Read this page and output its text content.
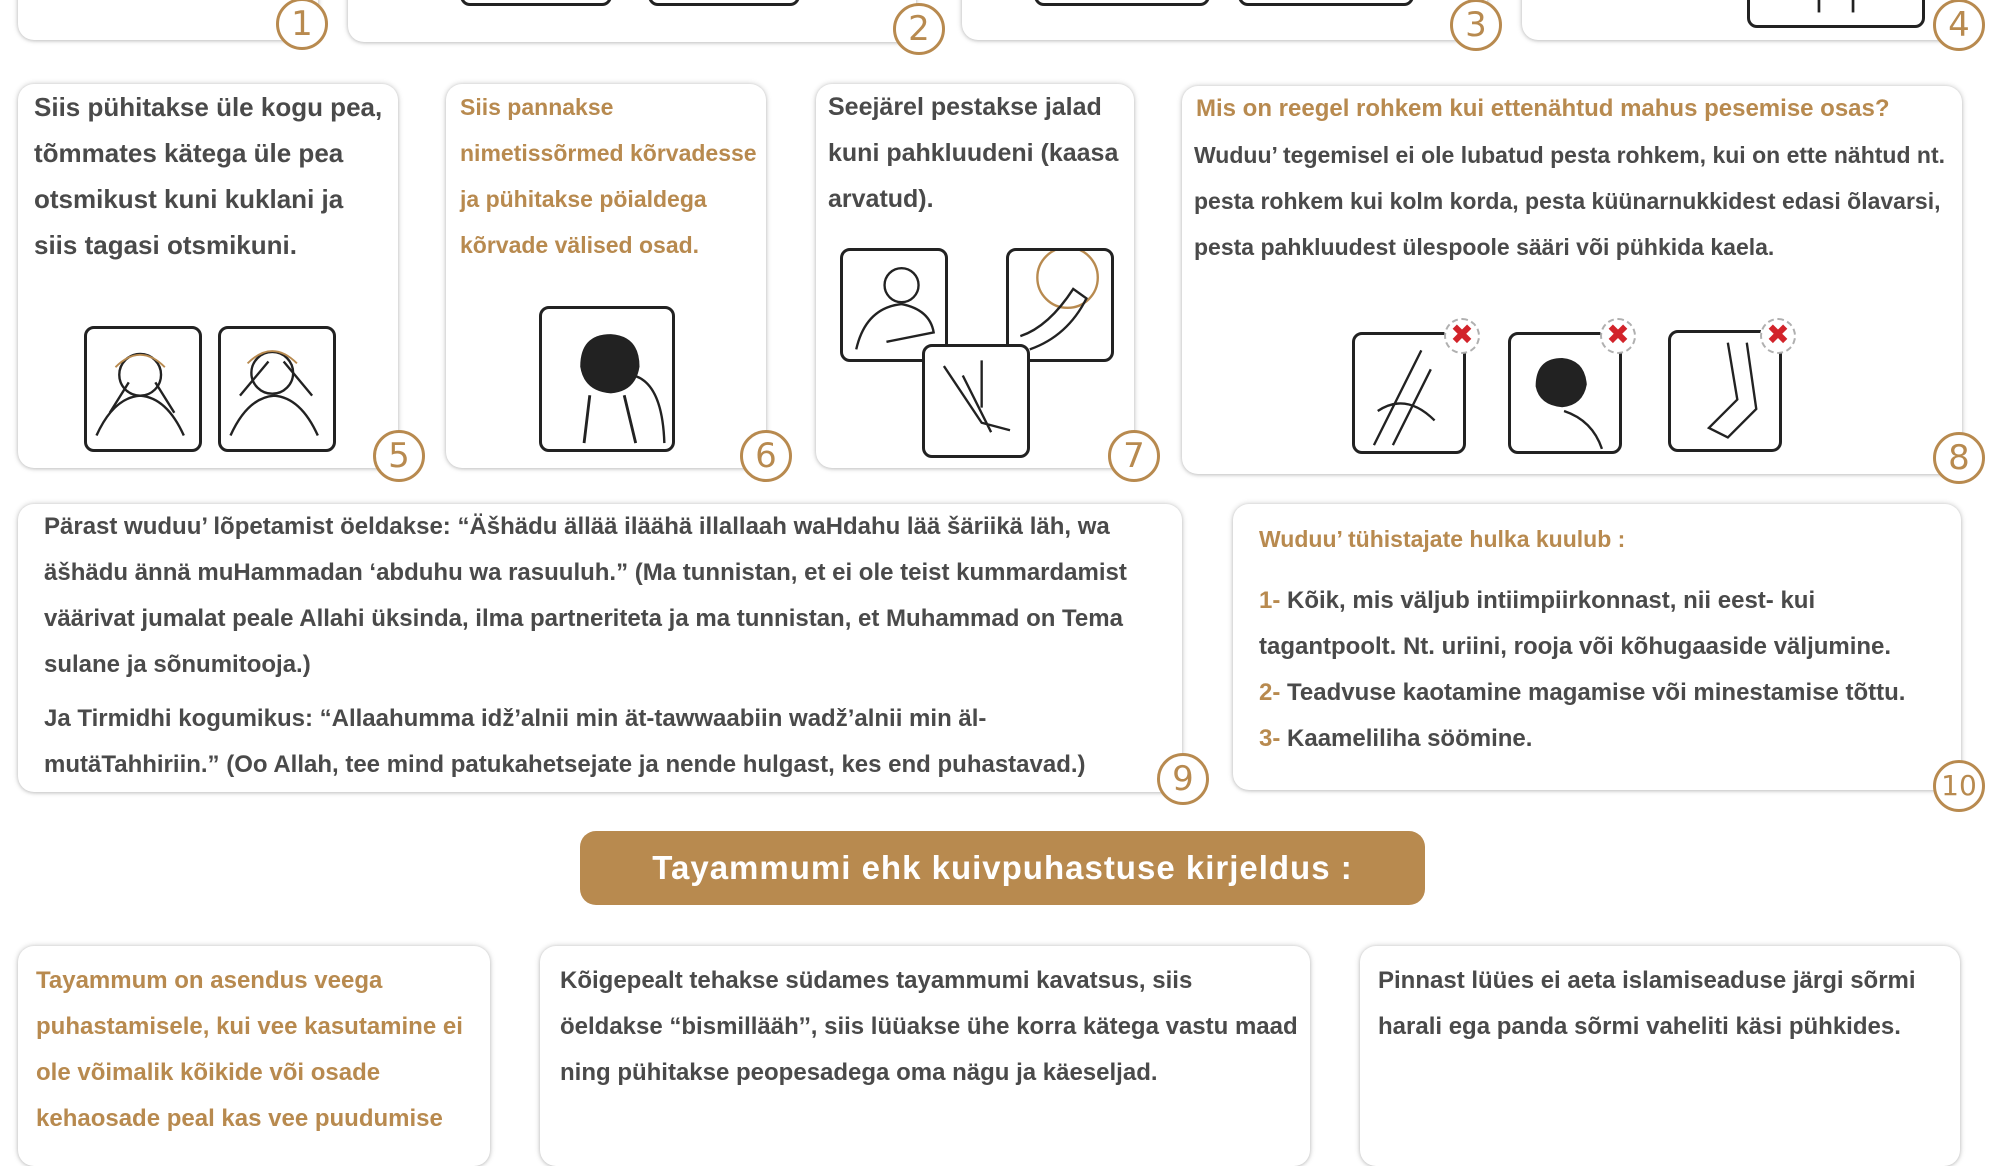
1	2	3	4
Siis pühitakse üle kogu pea, tõmmates kätega üle pea otsmikust kuni kuklani ja siis tagasi otsmikuni.
5
Siis pannakse nimetissõrmed kõrvadesse ja pühitakse pöialdega kõrvade välised osad.
6
Seejärel pestakse jalad kuni pahkluudeni (kaasa arvatud).
7
Mis on reegel rohkem kui ettenähtud mahus pesemise osas?
Wuduu’ tegemisel ei ole lubatud pesta rohkem, kui on ette nähtud nt. pesta rohkem kui kolm korda, pesta küünarnukkidest edasi õlavarsi, pesta pahkluudest ülespoole sääri või pühkida kaela.
✖	✖	✖
8
Pärast wuduu’ lõpetamist öeldakse: “Äšhädu ällää iläähä illallaah waHdahu lää šäriikä läh, wa äšhädu ännä muHammadan ‘abduhu wa rasuuluh.” (Ma tunnistan, et ei ole teist kummardamist väärivat jumalat peale Allahi üksinda, ilma partneriteta ja ma tunnistan, et Muhammad on Tema sulane ja sõnumitooja.)
Ja Tirmidhi kogumikus: “Allaahumma idž’alnii min ät-tawwaabiin wadž’alnii min äl-mutäTahhiriin.” (Oo Allah, tee mind patukahetsejate ja nende hulgast, kes end puhastavad.)	9
Wuduu’ tühistajate hulka kuulub :
1- Kõik, mis väljub intiimpiirkonnast, nii eest- kui tagantpoolt. Nt. uriini, rooja või kõhugaaside väljumine.
2- Teadvuse kaotamine magamise või minestamise tõttu.
3- Kaameliliha söömine.
10
Tayammumi ehk kuivpuhastuse kirjeldus :
Tayammum on asendus veega puhastamisele, kui vee kasutamine ei ole võimalik kõikide või osade kehaosade peal kas vee puudumise
Kõigepealt tehakse südames tayammumi kavatsus, siis öeldakse “bismilläähˮ, siis lüüakse ühe korra kätega vastu maad ning pühitakse peopesadega oma nägu ja käeseljad.
Pinnast lüües ei aeta islamiseaduse järgi sõrmi harali ega panda sõrmi vaheliti käsi pühkides.
